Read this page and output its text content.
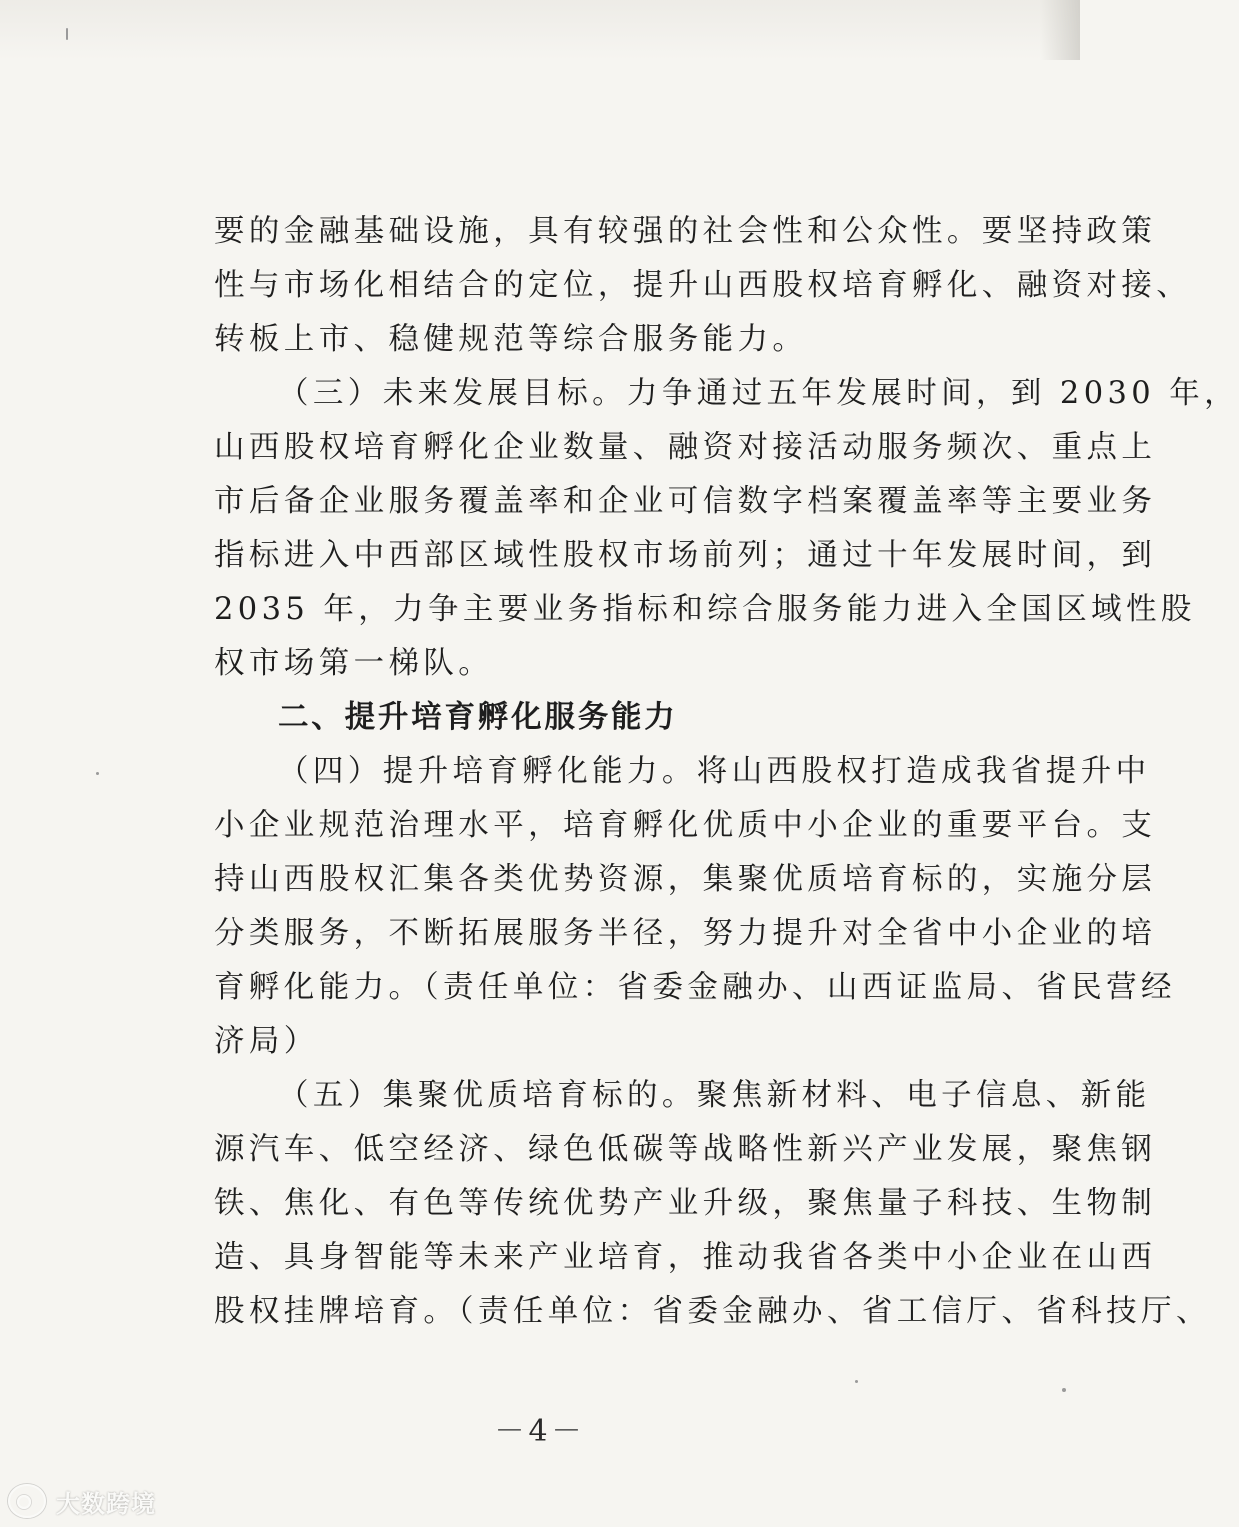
要的金融基础设施，具有较强的社会性和公众性。要坚持政策

性与市场化相结合的定位，提升山西股权培育孵化、融资对接、

转板上市、稳健规范等综合服务能力。

（三）未来发展目标。力争通过五年发展时间，到 2030 年，

山西股权培育孵化企业数量、融资对接活动服务频次、重点上

市后备企业服务覆盖率和企业可信数字档案覆盖率等主要业务

指标进入中西部区域性股权市场前列；通过十年发展时间，到

2035 年，力争主要业务指标和综合服务能力进入全国区域性股

权市场第一梯队。

二、提升培育孵化服务能力

（四）提升培育孵化能力。将山西股权打造成我省提升中

小企业规范治理水平，培育孵化优质中小企业的重要平台。支

持山西股权汇集各类优势资源，集聚优质培育标的，实施分层

分类服务，不断拓展服务半径，努力提升对全省中小企业的培

育孵化能力。（责任单位：省委金融办、山西证监局、省民营经

济局）

（五）集聚优质培育标的。聚焦新材料、电子信息、新能

源汽车、低空经济、绿色低碳等战略性新兴产业发展，聚焦钢

铁、焦化、有色等传统优势产业升级，聚焦量子科技、生物制

造、具身智能等未来产业培育，推动我省各类中小企业在山西

股权挂牌培育。（责任单位：省委金融办、省工信厅、省科技厅、

－4－
大数跨境
